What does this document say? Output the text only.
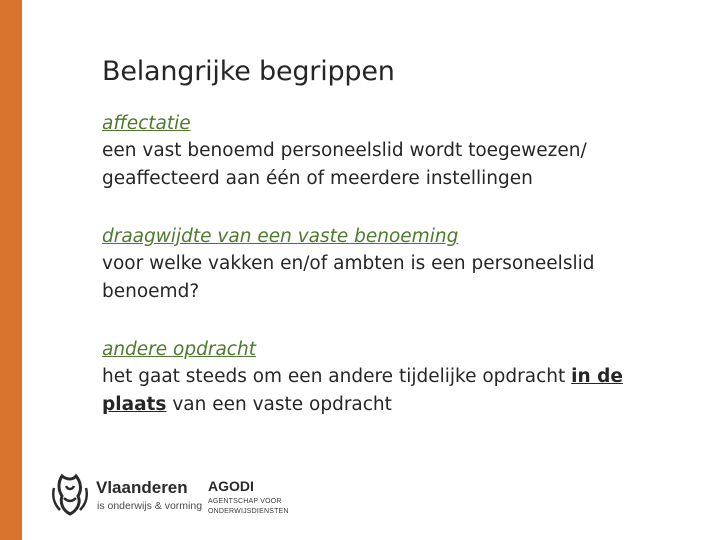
Belangrijke begrippen
affectatie
een vast benoemd personeelslid wordt toegewezen/ geaffecteerd aan één of meerdere instellingen
draagwijdte van een vaste benoeming
voor welke vakken en/of ambten is een personeelslid benoemd?
andere opdracht
het gaat steeds om een andere tijdelijke opdracht in de plaats van een vaste opdracht
Vlaanderen
is onderwijs & vorming
AGODI
AGENTSCHAP VOOR
ONDERWIJSDIENSTEN
